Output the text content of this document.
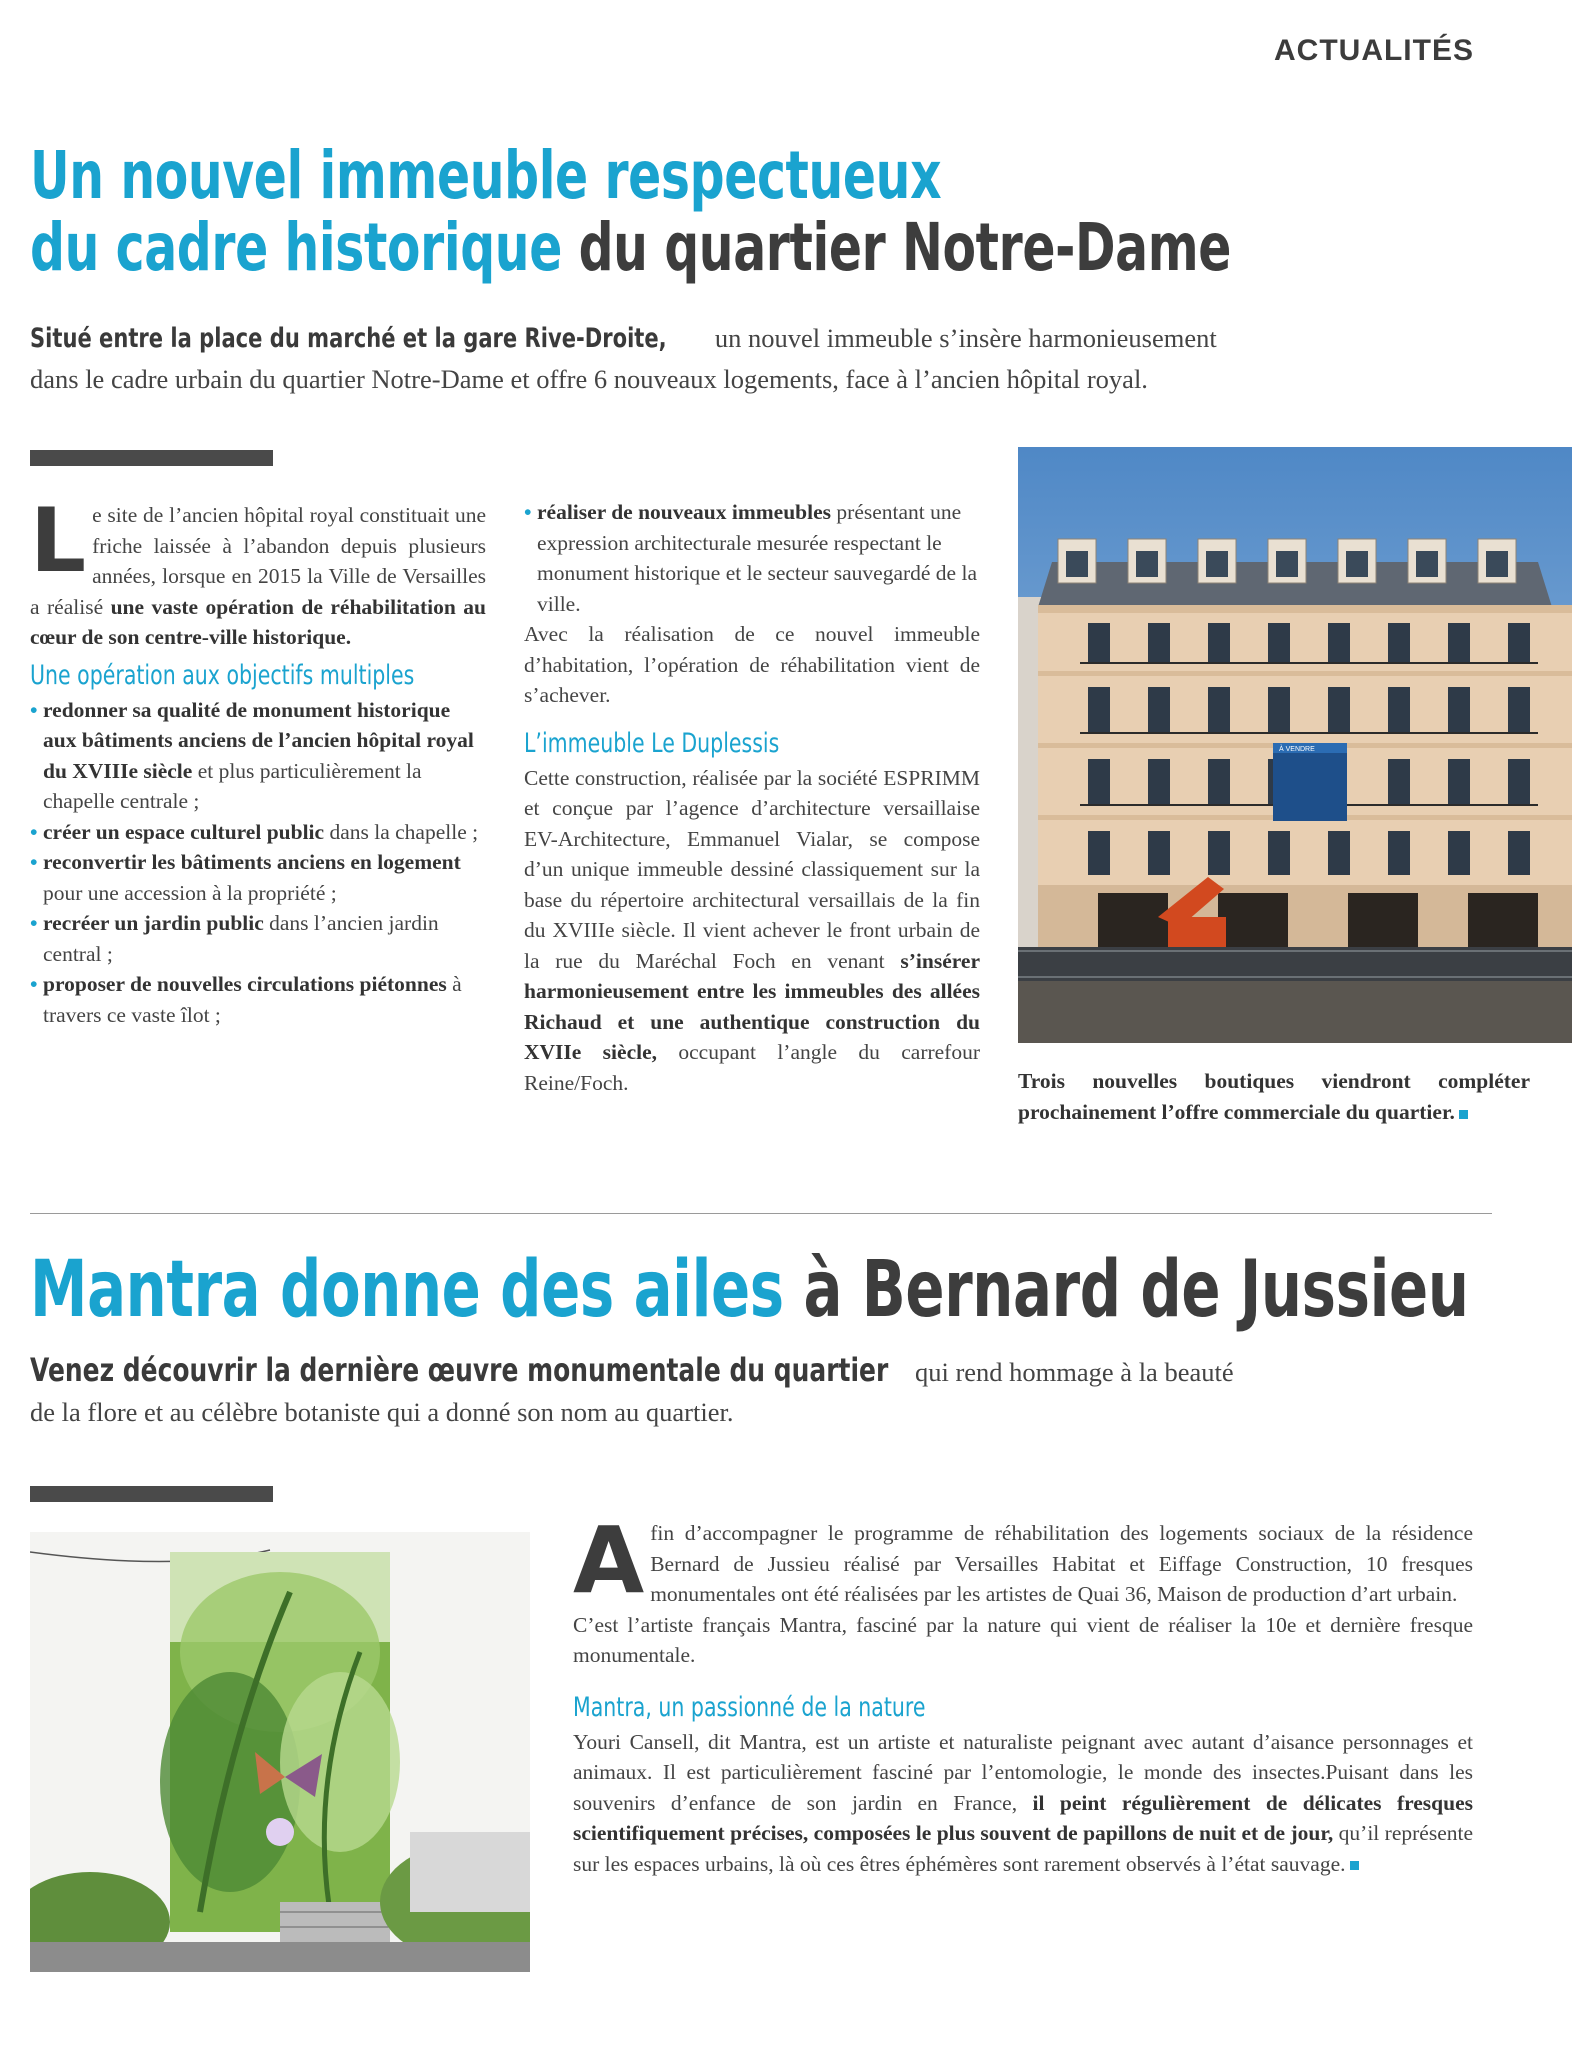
ACTUALITÉS
Un nouvel immeuble respectueux
du cadre historique du quartier Notre-Dame
Situé entre la place du marché et la gare Rive-Droite, un nouvel immeuble s’insère harmonieusement
dans le cadre urbain du quartier Notre-Dame et offre 6 nouveaux logements, face à l’ancien hôpital royal.

Le site de l’ancien hôpital royal constituait une friche laissée à l’abandon depuis plusieurs années, lorsque en 2015 la Ville de Versailles a réalisé une vaste opération de réhabilitation au cœur de son centre-ville historique.

Une opération aux objectifs multiples
• redonner sa qualité de monument historique aux bâtiments anciens de l’ancien hôpital royal du XVIIIe siècle et plus particulièrement la chapelle centrale ;
• créer un espace culturel public dans la chapelle ;
• reconvertir les bâtiments anciens en logement pour une accession à la propriété ;
• recréer un jardin public dans l’ancien jardin central ;
• proposer de nouvelles circulations piétonnes à travers ce vaste îlot ;
• réaliser de nouveaux immeubles présentant une expression architecturale mesurée respectant le monument historique et le secteur sauvegardé de la ville.

Avec la réalisation de ce nouvel immeuble d’habitation, l’opération de réhabilitation vient de s’achever.

L’immeuble Le Duplessis

Cette construction, réalisée par la société ESPRIMM et conçue par l’agence d’architecture versaillaise EV-Architecture, Emmanuel Vialar, se compose d’un unique immeuble dessiné classiquement sur la base du répertoire architectural versaillais de la fin du XVIIIe siècle. Il vient achever le front urbain de la rue du Maréchal Foch en venant s’insérer harmonieusement entre les immeubles des allées Richaud et une authentique construction du XVIIe siècle, occupant l’angle du carrefour Reine/Foch.

À VENDRE
Trois nouvelles boutiques viendront compléter prochainement l’offre commerciale du quartier.
Mantra donne des ailes à Bernard de Jussieu
Venez découvrir la dernière œuvre monumentale du quartier qui rend hommage à la beauté
de la flore et au célèbre botaniste qui a donné son nom au quartier.

Afin d’accompagner le programme de réhabilitation des logements sociaux de la résidence Bernard de Jussieu réalisé par Versailles Habitat et Eiffage Construction, 10 fresques monumentales ont été réalisées par les artistes de Quai 36, Maison de production d’art urbain.

C’est l’artiste français Mantra, fasciné par la nature qui vient de réaliser la 10e et dernière fresque monumentale.

Mantra, un passionné de la nature

Youri Cansell, dit Mantra, est un artiste et naturaliste peignant avec autant d’aisance personnages et animaux. Il est particulièrement fasciné par l’entomologie, le monde des insectes.Puisant dans les souvenirs d’enfance de son jardin en France, il peint régulièrement de délicates fresques scientifiquement précises, composées le plus souvent de papillons de nuit et de jour, qu’il représente sur les espaces urbains, là où ces êtres éphémères sont rarement observés à l’état sauvage.
